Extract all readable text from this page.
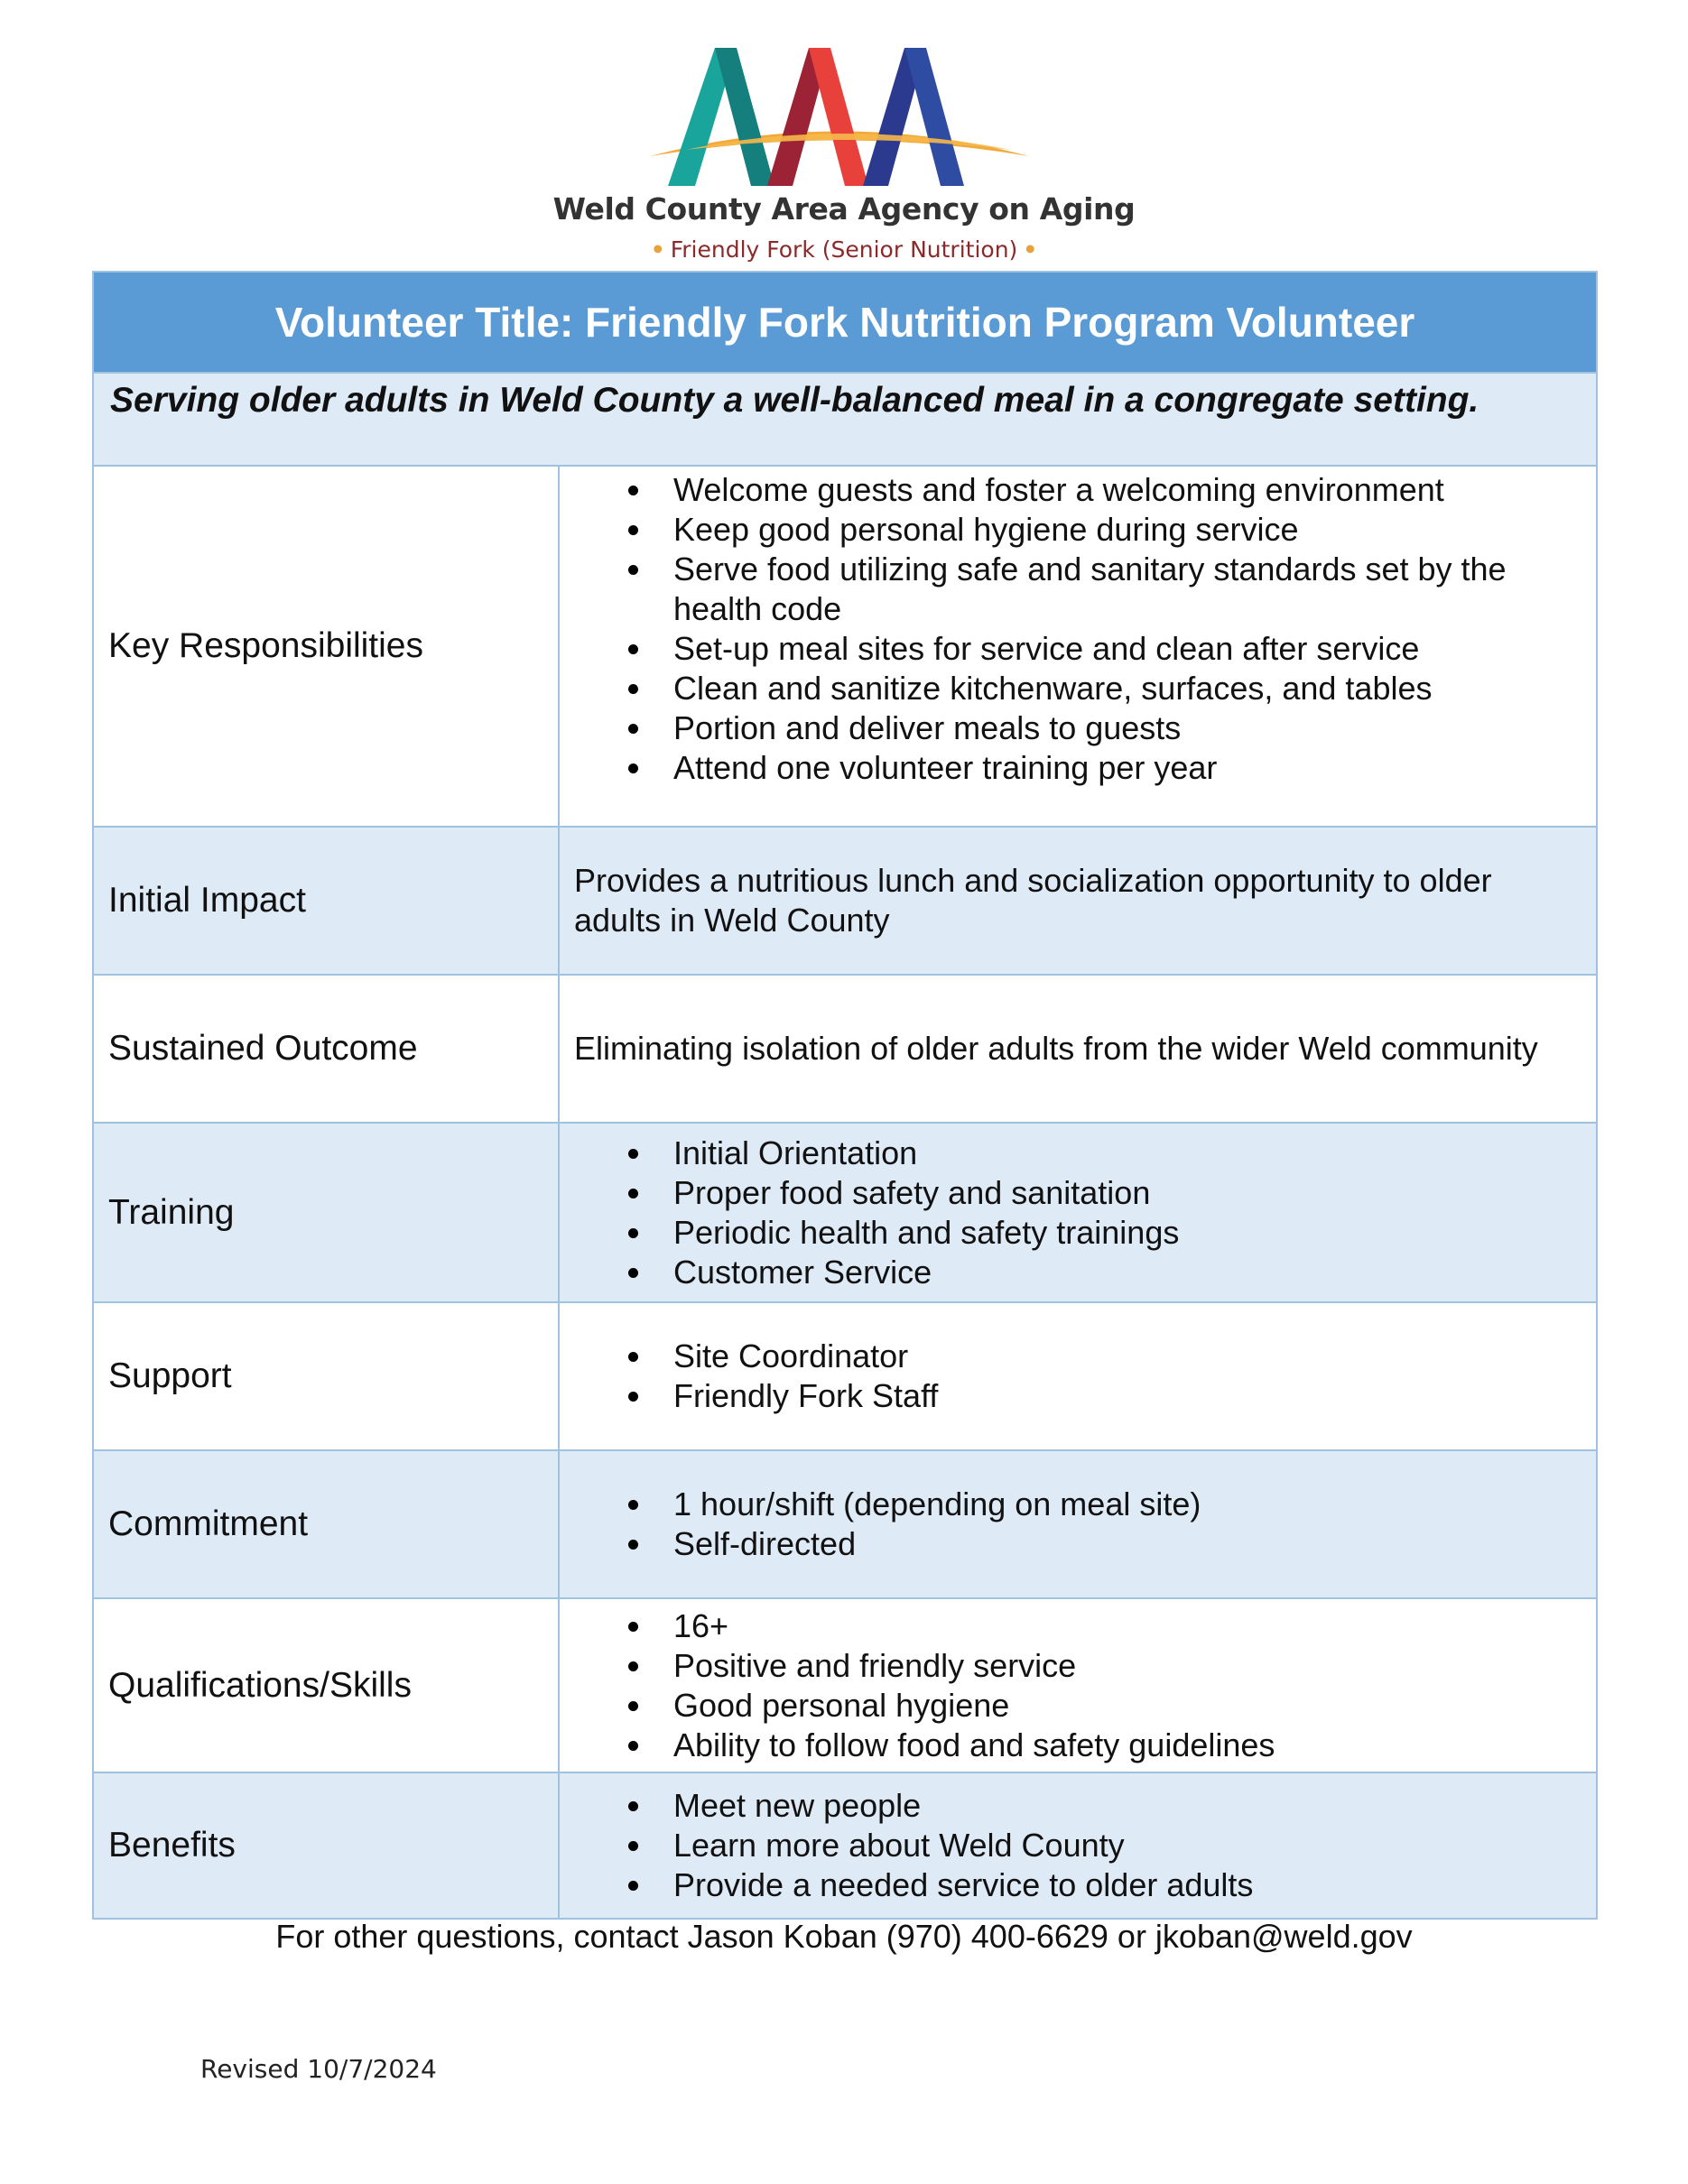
Weld County Area Agency on Aging
• Friendly Fork (Senior Nutrition) •
Volunteer Title: Friendly Fork Nutrition Program Volunteer
Serving older adults in Weld County a well-balanced meal in a congregate setting.
Key Responsibilities
Welcome guests and foster a welcoming environment
Keep good personal hygiene during service
Serve food utilizing safe and sanitary standards set by the health code
Set-up meal sites for service and clean after service
Clean and sanitize kitchenware, surfaces, and tables
Portion and deliver meals to guests
Attend one volunteer training per year
Initial Impact
Provides a nutritious lunch and socialization opportunity to older adults in Weld County
Sustained Outcome	Eliminating isolation of older adults from the wider Weld community
Training
Initial Orientation
Proper food safety and sanitation
Periodic health and safety trainings
Customer Service
Support
Site Coordinator
Friendly Fork Staff
Commitment
1 hour/shift (depending on meal site)
Self-directed
Qualifications/Skills
16+
Positive and friendly service
Good personal hygiene
Ability to follow food and safety guidelines
Benefits
Meet new people
Learn more about Weld County
Provide a needed service to older adults
For other questions, contact Jason Koban (970) 400-6629 or jkoban@weld.gov
Revised 10/7/2024
